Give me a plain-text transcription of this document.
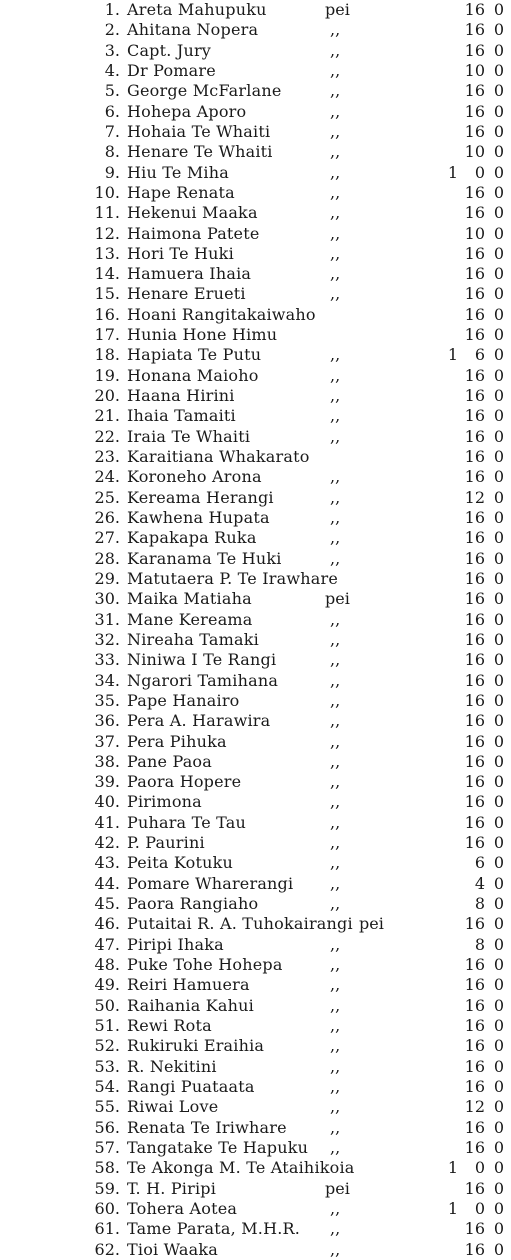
1. Areta Mahupuku	pei	16 0
2. Ahitana Nopera	,,	16 0
3. Capt. Jury	,,	16 0
4. Dr Pomare	,,	10 0
5. George McFarlane	,,	16 0
6. Hohepa Aporo	,,	16 0
7. Hohaia Te Whaiti	,,	16 0
8. Henare Te Whaiti	,,	10 0
9. Hiu Te Miha	,,	1 0 0
10. Hape Renata	,,	16 0
11. Hekenui Maaka	,,	16 0
12. Haimona Patete	,,	10 0
13. Hori Te Huki	,,	16 0
14. Hamuera Ihaia	,,	16 0
15. Henare Erueti	,,	16 0
16. Hoani Rangitakaiwaho	16 0
17. Hunia Hone Himu	16 0
18. Hapiata Te Putu	,,	1 6 0
19. Honana Maioho	,,	16 0
20. Haana Hirini	,,	16 0
21. Ihaia Tamaiti	,,	16 0
22. Iraia Te Whaiti	,,	16 0
23. Karaitiana Whakarato	16 0
24. Koroneho Arona	,,	16 0
25. Kereama Herangi	,,	12 0
26. Kawhena Hupata	,,	16 0
27. Kapakapa Ruka	,,	16 0
28. Karanama Te Huki	,,	16 0
29. Matutaera P. Te Irawhare	16 0
30. Maika Matiaha	pei	16 0
31. Mane Kereama	,,	16 0
32. Nireaha Tamaki	,,	16 0
33. Niniwa I Te Rangi	,,	16 0
34. Ngarori Tamihana	,,	16 0
35. Pape Hanairo	,,	16 0
36. Pera A. Harawira	,,	16 0
37. Pera Pihuka	,,	16 0
38. Pane Paoa	,,	16 0
39. Paora Hopere	,,	16 0
40. Pirimona	,,	16 0
41. Puhara Te Tau	,,	16 0
42. P. Paurini	,,	16 0
43. Peita Kotuku	,,	6 0
44. Pomare Wharerangi ,,	4 0
45. Paora Rangiaho	,,	8 0
46. Putaitai R. A. Tuhokairangi pei	16 0
47. Piripi Ihaka	,,	8 0
48. Puke Tohe Hohepa	,,	16 0
49. Reiri Hamuera	,,	16 0
50. Raihania Kahui	,,	16 0
51. Rewi Rota	,,	16 0
52. Rukiruki Eraihia	,,	16 0
53. R. Nekitini	,,	16 0
54. Rangi Puataata	,,	16 0
55. Riwai Love	,,	12 0
56. Renata Te Iriwhare	,,	16 0
57. Tangatake Te Hapuku ,,	16 0
58. Te Akonga M. Te Ataihikoia	1 0 0
59. T. H. Piripi	pei	16 0
60. Tohera Aotea	,,	1 0 0
61. Tame Parata, M.H.R. ,,	16 0
62. Tioi Waaka	,,	16 0
